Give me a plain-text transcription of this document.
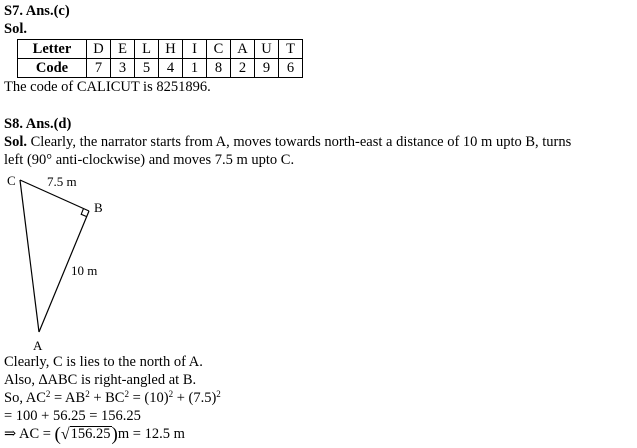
S7. Ans.(c)
Sol.
Letter	D	E	L	H	I	C	A	U	T
Code	7	3	5	4	1	8	2	9	6
The code of CALICUT is 8251896.
S8. Ans.(d)
Sol. Clearly, the narrator starts from A, moves towards north-east a distance of 10 m upto B, turns
left (90° anti-clockwise) and moves 7.5 m upto C.
C
B
A
7.5 m
10 m
Clearly, C is lies to the north of A.
Also, ∆ABC is right-angled at B.
So, $AC^2 = AB^2 + BC^2 = (10)^2 + (7.5)^2$
= 100 + 56.25 = 156.25
⇒ AC = (√156.25)m = 12.5 m
